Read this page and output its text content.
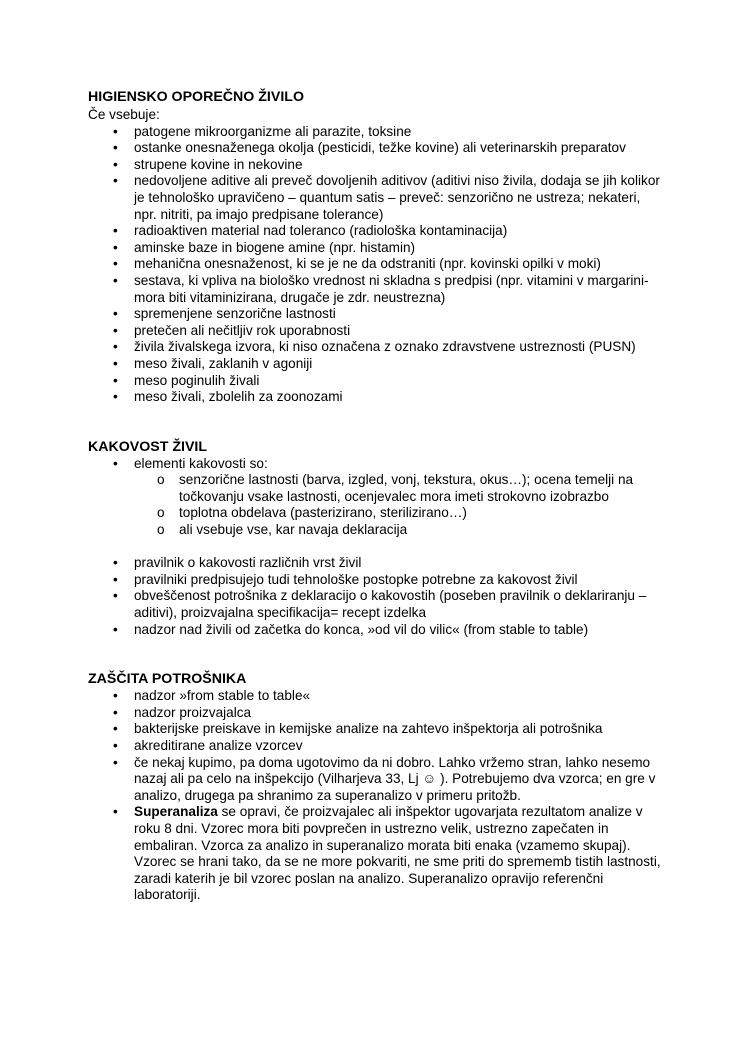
HIGIENSKO OPOREČNO ŽIVILO

Če vsebuje:

• patogene mikroorganizme ali parazite, toksine
• ostanke onesnaženega okolja (pesticidi, težke kovine) ali veterinarskih preparatov
• strupene kovine in nekovine
• nedovoljene aditive ali preveč dovoljenih aditivov (aditivi niso živila, dodaja se jih kolikor je tehnološko upravičeno – quantum satis – preveč: senzorično ne ustreza; nekateri, npr. nitriti, pa imajo predpisane tolerance)
• radioaktiven material nad toleranco (radiološka kontaminacija)
• aminske baze in biogene amine (npr. histamin)
• mehanična onesnaženost, ki se je ne da odstraniti (npr. kovinski opilki v moki)
• sestava, ki vpliva na biološko vrednost ni skladna s predpisi (npr. vitamini v margarini- mora biti vitaminizirana, drugače je zdr. neustrezna)
• spremenjene senzorične lastnosti
• pretečen ali nečitljiv rok uporabnosti
• živila živalskega izvora, ki niso označena z oznako zdravstvene ustreznosti (PUSN)
• meso živali, zaklanih v agoniji
• meso poginulih živali
• meso živali, zbolelih za zoonozami
KAKOVOST ŽIVIL
• elementi kakovosti so:
o senzorične lastnosti (barva, izgled, vonj, tekstura, okus…); ocena temelji na točkovanju vsake lastnosti, ocenjevalec mora imeti strokovno izobrazbo
o toplotna obdelava (pasterizirano, sterilizirano…)
o ali vsebuje vse, kar navaja deklaracija
• pravilnik o kakovosti različnih vrst živil
• pravilniki predpisujejo tudi tehnološke postopke potrebne za kakovost živil
• obveščenost potrošnika z deklaracijo o kakovostih (poseben pravilnik o deklariranju – aditivi), proizvajalna specifikacija= recept izdelka
• nadzor nad živili od začetka do konca, »od vil do vilic« (from stable to table)
ZAŠČITA POTROŠNIKA
• nadzor »from stable to table«
• nadzor proizvajalca
• bakterijske preiskave in kemijske analize na zahtevo inšpektorja ali potrošnika
• akreditirane analize vzorcev
• če nekaj kupimo, pa doma ugotovimo da ni dobro. Lahko vržemo stran, lahko nesemo nazaj ali pa celo na inšpekcijo (Vilharjeva 33, Lj ☺ ). Potrebujemo dva vzorca; en gre v analizo, drugega pa shranimo za superanalizo v primeru pritožb.
• Superanaliza se opravi, če proizvajalec ali inšpektor ugovarjata rezultatom analize v roku 8 dni. Vzorec mora biti povprečen in ustrezno velik, ustrezno zapečaten in embaliran. Vzorca za analizo in superanalizo morata biti enaka (vzamemo skupaj). Vzorec se hrani tako, da se ne more pokvariti, ne sme priti do sprememb tistih lastnosti, zaradi katerih je bil vzorec poslan na analizo. Superanalizo opravijo referenčni laboratoriji.
